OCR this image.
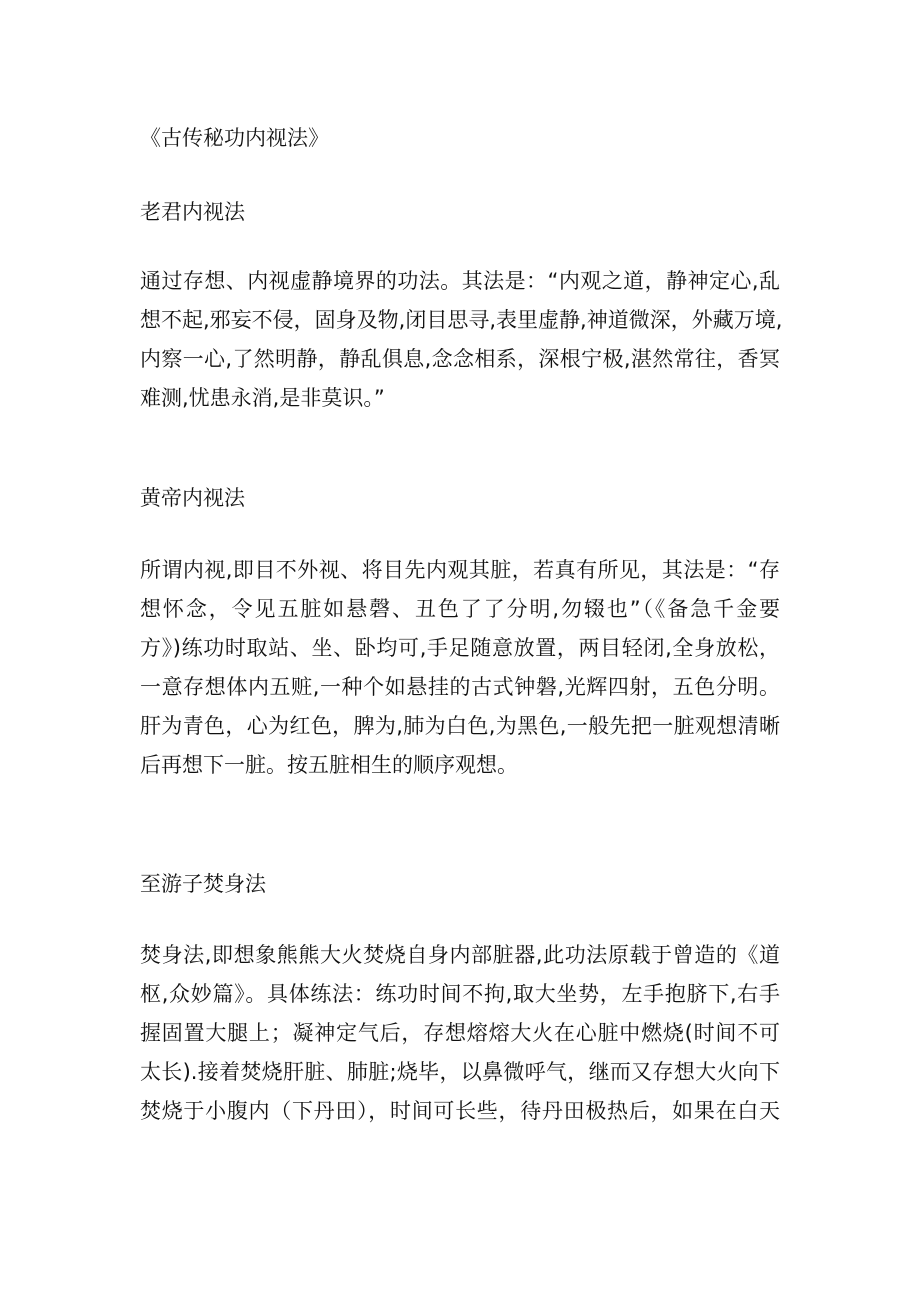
《古传秘功内视法》
老君内视法

通过存想、内视虚静境界的功法。其法是：“内观之道，静神定心,乱
想不起,邪妄不侵，固身及物,闭目思寻,表里虚静,神道微深，外藏万境,
内察一心,了然明静，静乱俱息,念念相系，深根宁极,湛然常往，香冥
难测,忧患永消,是非莫识。”

黄帝内视法

所谓内视,即目不外视、将目先内观其脏，若真有所见，其法是：“存
想怀念，令见五脏如悬磬、丑色了了分明,勿辍也”（《备急千金要
方》)练功时取站、坐、卧均可,手足随意放置，两目轻闭,全身放松，
一意存想体内五赃,一种个如悬挂的古式钟磐,光辉四射，五色分明。
肝为青色，心为红色，脾为,肺为白色,为黑色,一般先把一脏观想清晰
后再想下一脏。按五脏相生的顺序观想。

至游子焚身法

焚身法,即想象熊熊大火焚烧自身内部脏器,此功法原载于曾造的《道
枢,众妙篇》。具体练法：练功时间不拘,取大坐势，左手抱脐下,右手
握固置大腿上；凝神定气后，存想熔熔大火在心脏中燃烧(时间不可
太长).接着焚烧肝脏、肺脏;烧毕，以鼻微呼气，继而又存想大火向下
焚烧于小腹内（下丹田），时间可长些，待丹田极热后，如果在白天
